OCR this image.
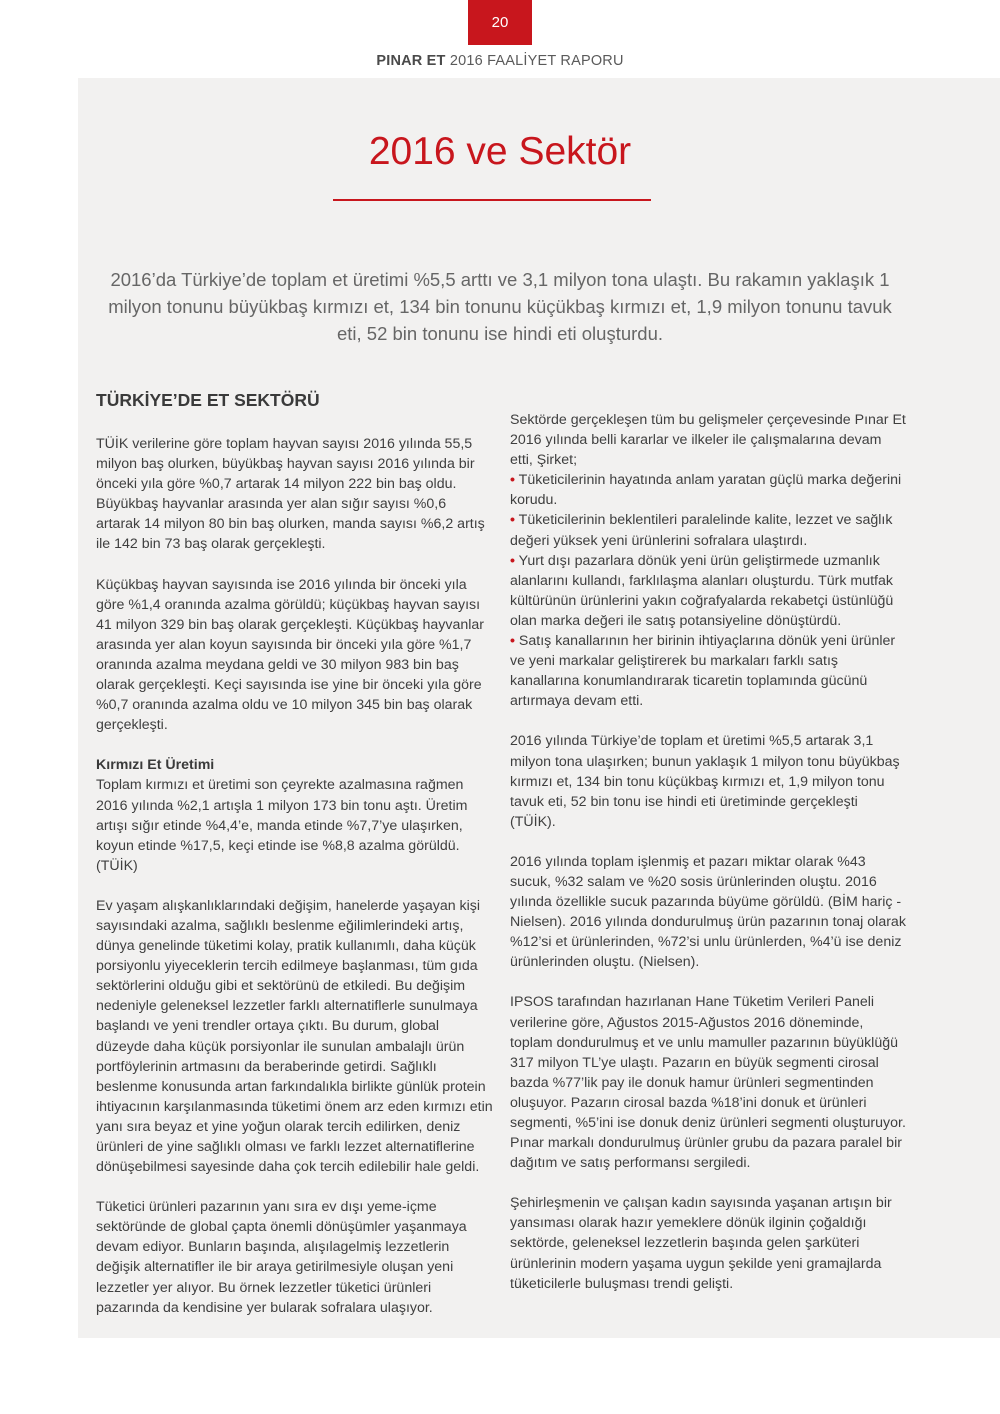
20
PINAR ET 2016 FAALİYET RAPORU
2016 ve Sektör

2016’da Türkiye’de toplam et üretimi %5,5 arttı ve 3,1 milyon tona ulaştı. Bu rakamın yaklaşık 1 milyon tonunu büyükbaş kırmızı et, 134 bin tonunu küçükbaş kırmızı et, 1,9 milyon tonunu tavuk eti, 52 bin tonunu ise hindi eti oluşturdu.

TÜRKİYE’DE ET SEKTÖRÜ

TÜİK verilerine göre toplam hayvan sayısı 2016 yılında 55,5 milyon baş olurken, büyükbaş hayvan sayısı 2016 yılında bir önceki yıla göre %0,7 artarak 14 milyon 222 bin baş oldu. Büyükbaş hayvanlar arasında yer alan sığır sayısı %0,6 artarak 14 milyon 80 bin baş olurken, manda sayısı %6,2 artış ile 142 bin 73 baş olarak gerçekleşti.

Küçükbaş hayvan sayısında ise 2016 yılında bir önceki yıla göre %1,4 oranında azalma görüldü; küçükbaş hayvan sayısı 41 milyon 329 bin baş olarak gerçekleşti. Küçükbaş hayvanlar arasında yer alan koyun sayısında bir önceki yıla göre %1,7 oranında azalma meydana geldi ve 30 milyon 983 bin baş olarak gerçekleşti. Keçi sayısında ise yine bir önceki yıla göre %0,7 oranında azalma oldu ve 10 milyon 345 bin baş olarak gerçekleşti.

Kırmızı Et Üretimi

Toplam kırmızı et üretimi son çeyrekte azalmasına rağmen 2016 yılında %2,1 artışla 1 milyon 173 bin tonu aştı. Üretim artışı sığır etinde %4,4’e, manda etinde %7,7’ye ulaşırken, koyun etinde %17,5, keçi etinde ise %8,8 azalma görüldü. (TÜİK)

Ev yaşam alışkanlıklarındaki değişim, hanelerde yaşayan kişi sayısındaki azalma, sağlıklı beslenme eğilimlerindeki artış, dünya genelinde tüketimi kolay, pratik kullanımlı, daha küçük porsiyonlu yiyeceklerin tercih edilmeye başlanması, tüm gıda sektörlerini olduğu gibi et sektörünü de etkiledi. Bu değişim nedeniyle geleneksel lezzetler farklı alternatiflerle sunulmaya başlandı ve yeni trendler ortaya çıktı. Bu durum, global düzeyde daha küçük porsiyonlar ile sunulan ambalajlı ürün portföylerinin artmasını da beraberinde getirdi. Sağlıklı beslenme konusunda artan farkındalıkla birlikte günlük protein ihtiyacının karşılanmasında tüketimi önem arz eden kırmızı etin yanı sıra beyaz et yine yoğun olarak tercih edilirken, deniz ürünleri de yine sağlıklı olması ve farklı lezzet alternatiflerine dönüşebilmesi sayesinde daha çok tercih edilebilir hale geldi.

Tüketici ürünleri pazarının yanı sıra ev dışı yeme-içme sektöründe de global çapta önemli dönüşümler yaşanmaya devam ediyor. Bunların başında, alışılagelmiş lezzetlerin değişik alternatifler ile bir araya getirilmesiyle oluşan yeni lezzetler yer alıyor. Bu örnek lezzetler tüketici ürünleri pazarında da kendisine yer bularak sofralara ulaşıyor.

Sektörde gerçekleşen tüm bu gelişmeler çerçevesinde Pınar Et 2016 yılında belli kararlar ve ilkeler ile çalışmalarına devam etti, Şirket;

• Tüketicilerinin hayatında anlam yaratan güçlü marka değerini korudu.
• Tüketicilerinin beklentileri paralelinde kalite, lezzet ve sağlık değeri yüksek yeni ürünlerini sofralara ulaştırdı.
• Yurt dışı pazarlara dönük yeni ürün geliştirmede uzmanlık alanlarını kullandı, farklılaşma alanları oluşturdu. Türk mutfak kültürünün ürünlerini yakın coğrafyalarda rekabetçi üstünlüğü olan marka değeri ile satış potansiyeline dönüştürdü.
• Satış kanallarının her birinin ihtiyaçlarına dönük yeni ürünler ve yeni markalar geliştirerek bu markaları farklı satış kanallarına konumlandırarak ticaretin toplamında gücünü artırmaya devam etti.

2016 yılında Türkiye’de toplam et üretimi %5,5 artarak 3,1 milyon tona ulaşırken; bunun yaklaşık 1 milyon tonu büyükbaş kırmızı et, 134 bin tonu küçükbaş kırmızı et, 1,9 milyon tonu tavuk eti, 52 bin tonu ise hindi eti üretiminde gerçekleşti (TÜİK).

2016 yılında toplam işlenmiş et pazarı miktar olarak %43 sucuk, %32 salam ve %20 sosis ürünlerinden oluştu. 2016 yılında özellikle sucuk pazarında büyüme görüldü. (BİM hariç - Nielsen). 2016 yılında dondurulmuş ürün pazarının tonaj olarak %12’si et ürünlerinden, %72’si unlu ürünlerden, %4’ü ise deniz ürünlerinden oluştu. (Nielsen).

IPSOS tarafından hazırlanan Hane Tüketim Verileri Paneli verilerine göre, Ağustos 2015-Ağustos 2016 döneminde, toplam dondurulmuş et ve unlu mamuller pazarının büyüklüğü 317 milyon TL’ye ulaştı. Pazarın en büyük segmenti cirosal bazda %77’lik pay ile donuk hamur ürünleri segmentinden oluşuyor. Pazarın cirosal bazda %18’ini donuk et ürünleri segmenti, %5’ini ise donuk deniz ürünleri segmenti oluşturuyor. Pınar markalı dondurulmuş ürünler grubu da pazara paralel bir dağıtım ve satış performansı sergiledi.

Şehirleşmenin ve çalışan kadın sayısında yaşanan artışın bir yansıması olarak hazır yemeklere dönük ilginin çoğaldığı sektörde, geleneksel lezzetlerin başında gelen şarküteri ürünlerinin modern yaşama uygun şekilde yeni gramajlarda tüketicilerle buluşması trendi gelişti.
